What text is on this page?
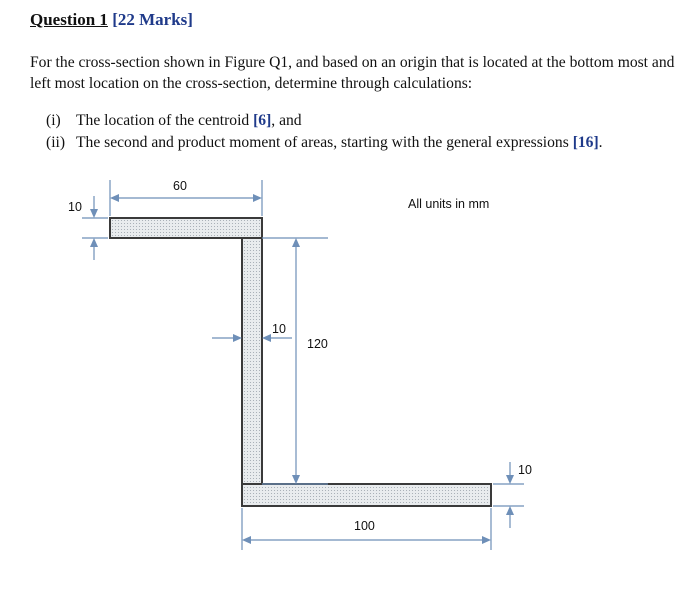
Question 1 [22 Marks]
For the cross-section shown in Figure Q1, and based on an origin that is located at the bottom most and left most location on the cross-section, determine through calculations:
(i) The location of the centroid [6], and
(ii) The second and product moment of areas, starting with the general expressions [16].
60
10	All units in mm
120
10
10
100
